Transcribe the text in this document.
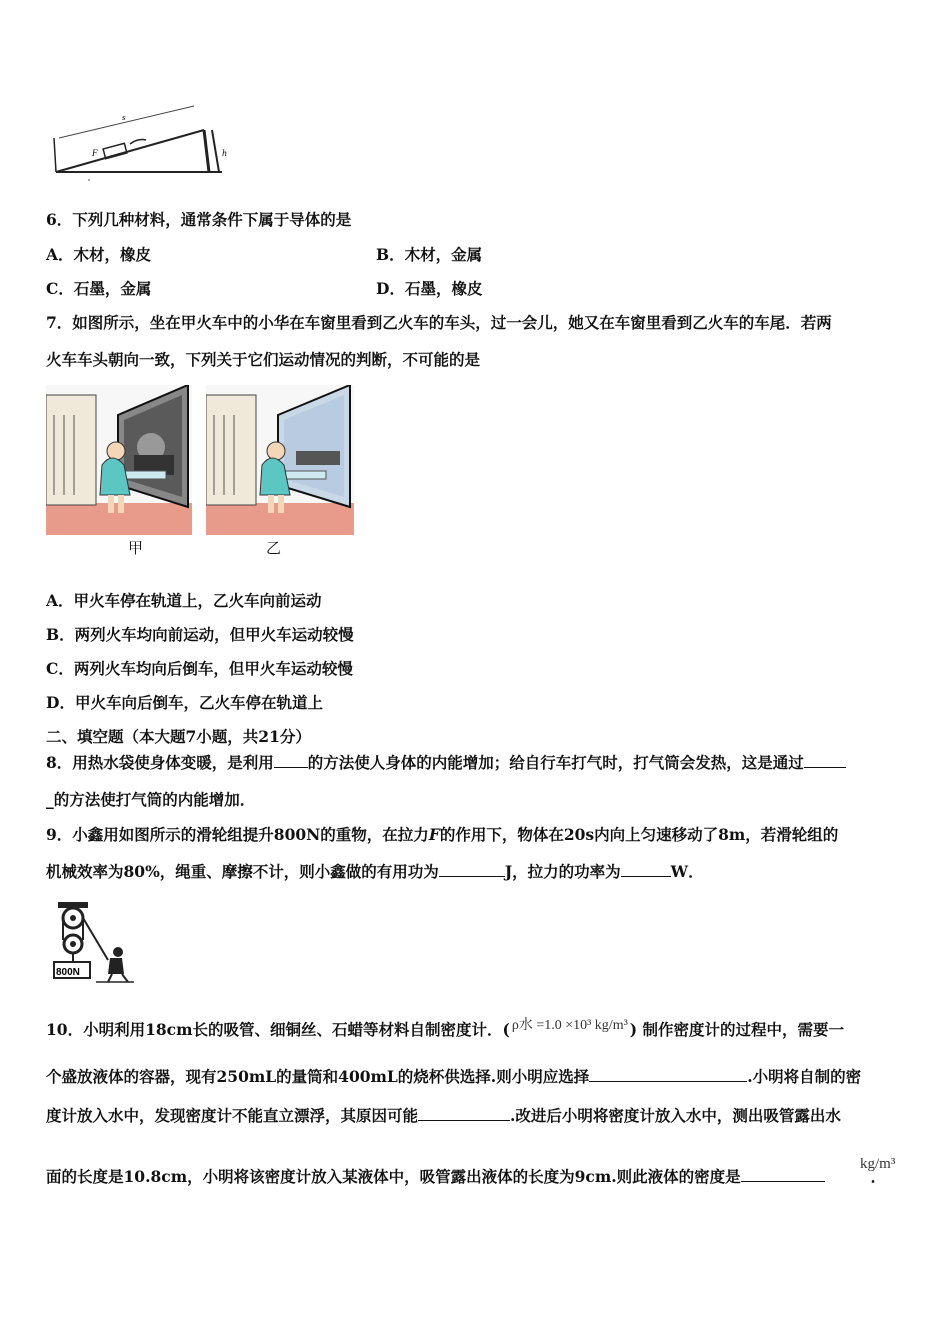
s
F	h
6．下列几种材料，通常条件下属于导体的是
A．木材，橡皮	B．木材，金属
C．石墨，金属	D．石墨，橡皮
7．如图所示，坐在甲火车中的小华在车窗里看到乙火车的车头，过一会儿，她又在车窗里看到乙火车的车尾．若两
火车车头朝向一致，下列关于它们运动情况的判断，不可能的是
甲	乙
A．甲火车停在轨道上，乙火车向前运动
B．两列火车均向前运动，但甲火车运动较慢
C．两列火车均向后倒车，但甲火车运动较慢
D．甲火车向后倒车，乙火车停在轨道上
二、填空题（本大题7小题，共21分）
8．用热水袋使身体变暖，是利用 的方法使人身体的内能增加；给自行车打气时，打气筒会发热，这是通过
_的方法使打气筒的内能增加．
9．小鑫用如图所示的滑轮组提升800N的重物，在拉力F的作用下，物体在20s内向上匀速移动了8m，若滑轮组的
机械效率为80%，绳重、摩擦不计，则小鑫做的有用功为	J，拉力的功率为	W．
800N
10．小明利用18cm长的吸管、细铜丝、石蜡等材料自制密度计．( ρ水 =1.0 ×10³ kg/m³ ) 制作密度计的过程中，需要一
个盛放液体的容器，现有250mL的量筒和400mL的烧杯供选择.则小明应选择	.小明将自制的密
度计放入水中，发现密度计不能直立漂浮，其原因可能	.改进后小明将密度计放入水中，测出吸管露出水
面的长度是10.8cm，小明将该密度计放入某液体中，吸管露出液体的长度为9cm.则此液体的密度是	．
kg/m³
